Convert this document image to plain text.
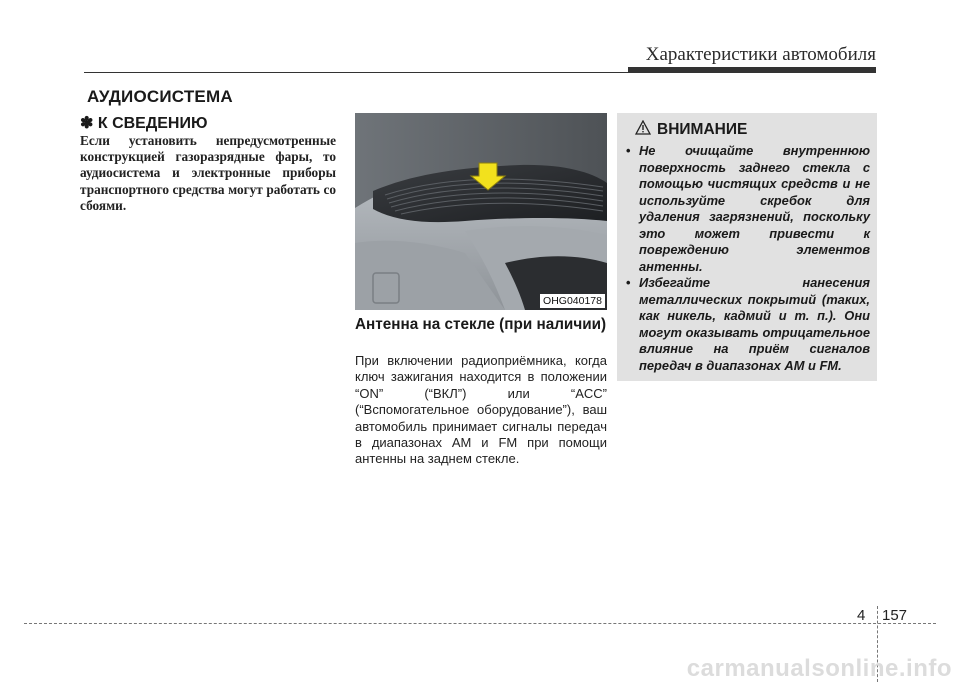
Характеристики автомобиля
АУДИОСИСТЕМА
✽ К СВЕДЕНИЮ
Если установить непредусмотренные конструкцией газоразрядные фары, то аудиосистема и электронные приборы транспортного средства могут работать со сбоями.
OHG040178
Антенна на стекле (при наличии)
При включении радиоприёмника, когда ключ зажигания находится в положении “ON” (“ВКЛ”) или “ACC” (“Вспомогательное оборудование”), ваш автомобиль принимает сигналы передач в диапазонах AM и FM при помощи антенны на заднем стекле.
ВНИМАНИЕ
• Не очищайте внутреннюю поверхность заднего стекла с помощью чистящих средств и не используйте скребок для удаления загрязнений, поскольку это может привести к повреждению элементов антенны.
• Избегайте нанесения металлических покрытий (таких, как никель, кадмий и т. п.). Они могут оказывать отрицательное влияние на приём сигналов передач в диапазонах AM и FM.
4 157
carmanualsonline.info
